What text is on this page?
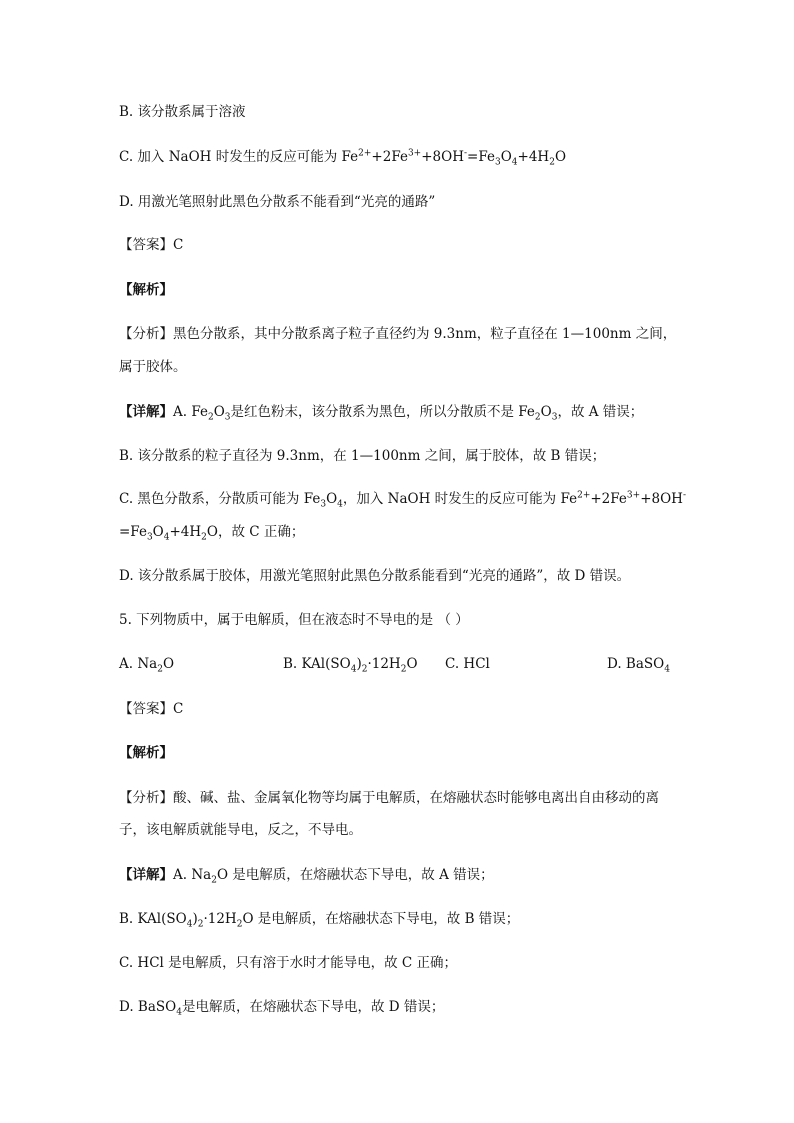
B. 该分散系属于溶液
C. 加入 NaOH 时发生的反应可能为 $Fe^{2+}+2Fe^{3+}+8OH^-=Fe_3O_4+4H_2O$
D. 用激光笔照射此黑色分散系不能看到“光亮的通路”
【答案】C
【解析】
【分析】黑色分散系，其中分散系离子粒子直径约为 9.3nm，粒子直径在 1—100nm 之间，
属于胶体。
【详解】A. $Fe_2O_3$是红色粉末，该分散系为黑色，所以分散质不是 $Fe_2O_3$，故 A 错误；
B. 该分散系的粒子直径为 9.3nm，在 1—100nm 之间，属于胶体，故 B 错误；
C. 黑色分散系，分散质可能为 $Fe_3O_4$，加入 NaOH 时发生的反应可能为 $Fe^{2+}+2Fe^{3+}+8OH^-$
$=Fe_3O_4+4H_2O$，故 C 正确；
D. 该分散系属于胶体，用激光笔照射此黑色分散系能看到“光亮的通路”，故 D 错误。
5. 下列物质中，属于电解质，但在液态时不导电的是 （ ）
A. $Na_2O$	B. $KAl(SO_4)_2\cdot 12H_2O$ C. HCl	D. BaSO$_4$
【答案】C
【解析】
【分析】酸、碱、盐、金属氧化物等均属于电解质，在熔融状态时能够电离出自由移动的离
子，该电解质就能导电，反之，不导电。
【详解】A. $Na_2O$ 是电解质，在熔融状态下导电，故 A 错误；
B. $KAl(SO_4)_2\cdot 12H_2O$ 是电解质，在熔融状态下导电，故 B 错误；
C. HCl 是电解质，只有溶于水时才能导电，故 C 正确；
D. BaSO$_4$是电解质，在熔融状态下导电，故 D 错误；
